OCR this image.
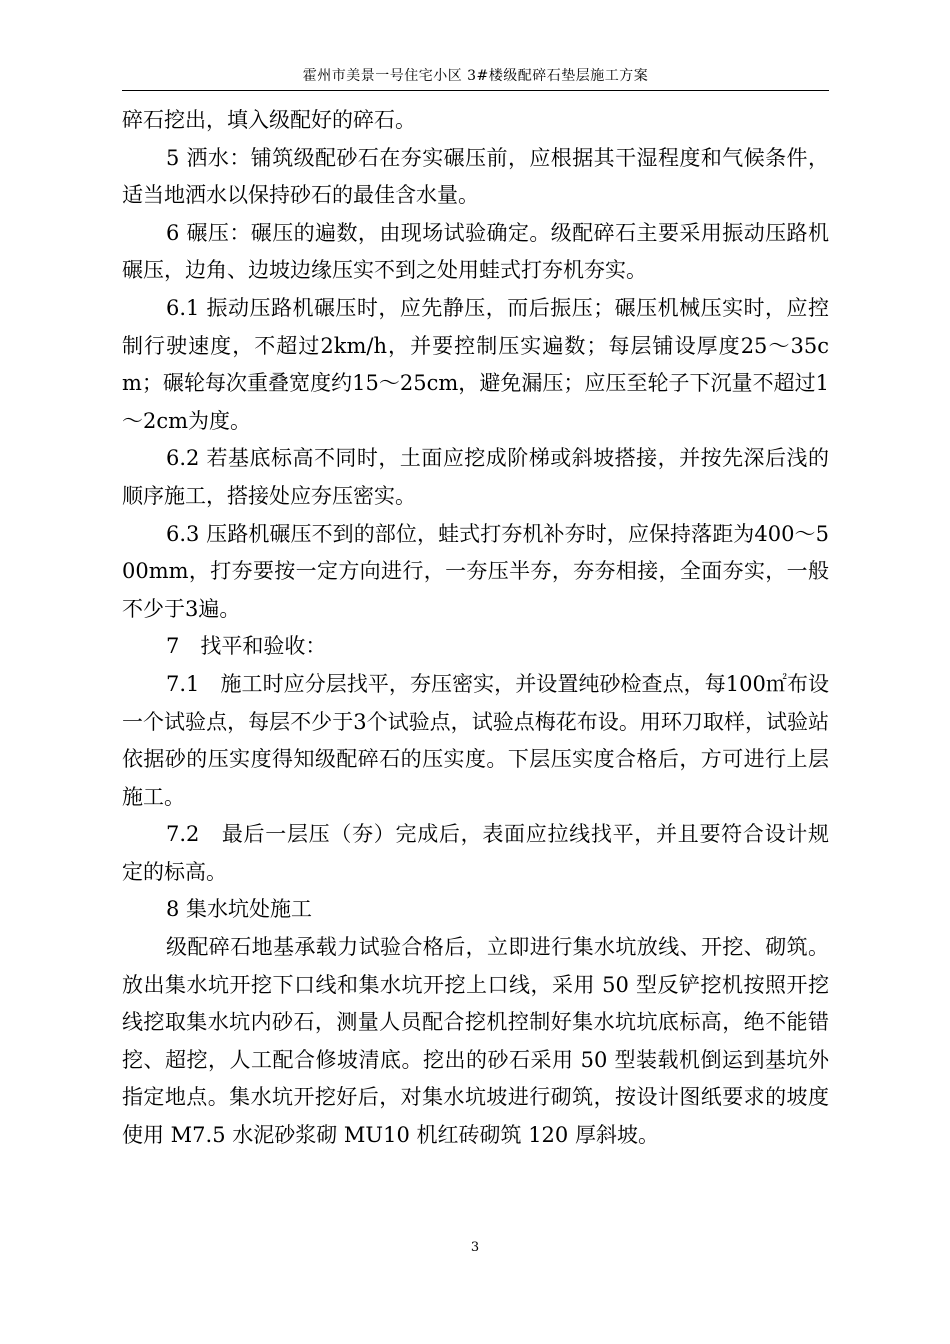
霍州市美景一号住宅小区 3#楼级配碎石垫层施工方案

碎石挖出，填入级配好的碎石。

5 洒水：铺筑级配砂石在夯实碾压前，应根据其干湿程度和气候条件，适当地洒水以保持砂石的最佳含水量。

6 碾压：碾压的遍数，由现场试验确定。级配碎石主要采用振动压路机碾压，边角、边坡边缘压实不到之处用蛙式打夯机夯实。

6.1 振动压路机碾压时，应先静压，而后振压；碾压机械压实时，应控制行驶速度，不超过2km/h，并要控制压实遍数；每层铺设厚度25～35cm；碾轮每次重叠宽度约15～25cm，避免漏压；应压至轮子下沉量不超过1～2cm为度。

6.2 若基底标高不同时，土面应挖成阶梯或斜坡搭接，并按先深后浅的顺序施工，搭接处应夯压密实。

6.3 压路机碾压不到的部位，蛙式打夯机补夯时，应保持落距为400～500mm，打夯要按一定方向进行，一夯压半夯，夯夯相接，全面夯实，一般不少于3遍。

7　找平和验收：

7.1　施工时应分层找平，夯压密实，并设置纯砂检查点，每100㎡布设一个试验点，每层不少于3个试验点，试验点梅花布设。用环刀取样，试验站依据砂的压实度得知级配碎石的压实度。下层压实度合格后，方可进行上层施工。

7.2　最后一层压（夯）完成后，表面应拉线找平，并且要符合设计规定的标高。

8 集水坑处施工

级配碎石地基承载力试验合格后，立即进行集水坑放线、开挖、砌筑。放出集水坑开挖下口线和集水坑开挖上口线，采用 50 型反铲挖机按照开挖线挖取集水坑内砂石，测量人员配合挖机控制好集水坑坑底标高，绝不能错挖、超挖，人工配合修坡清底。挖出的砂石采用 50 型装载机倒运到基坑外指定地点。集水坑开挖好后，对集水坑坡进行砌筑，按设计图纸要求的坡度使用 M7.5 水泥砂浆砌 MU10 机红砖砌筑 120 厚斜坡。

3
